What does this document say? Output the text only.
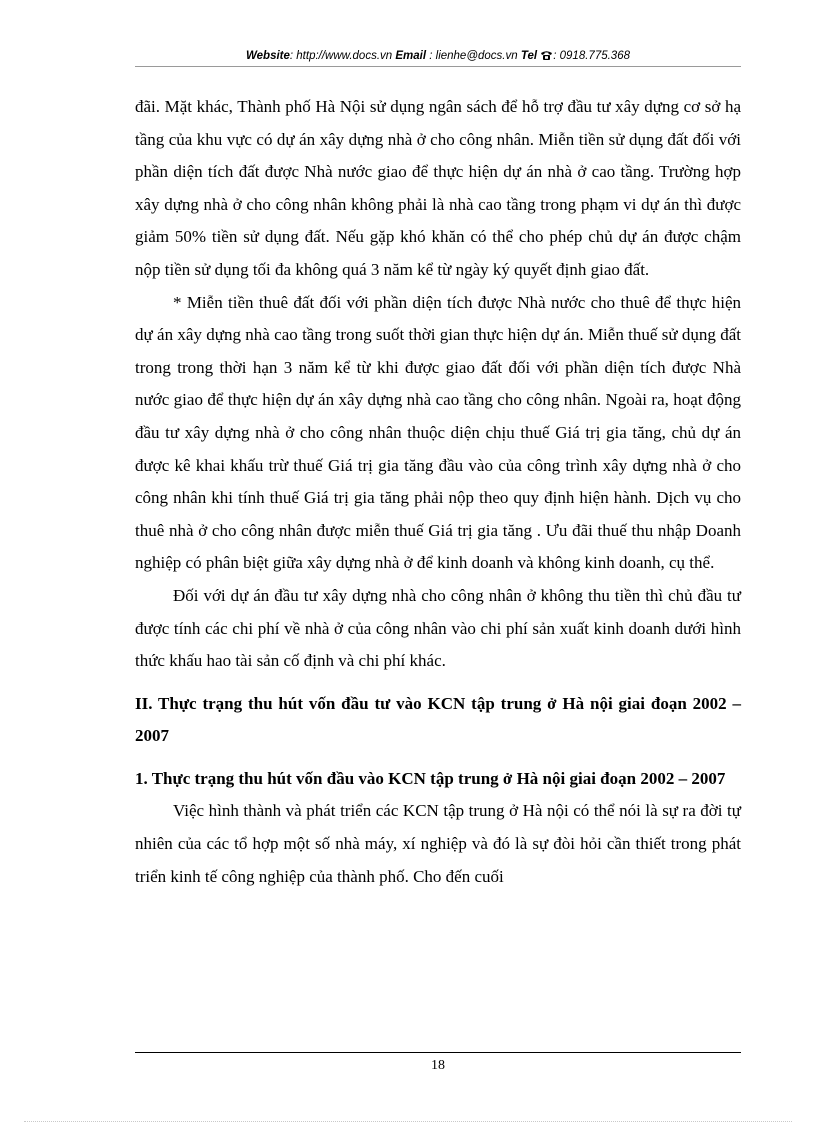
Website: http://www.docs.vn Email : lienhe@docs.vn Tel : 0918.775.368

đãi. Mặt khác, Thành phố Hà Nội sử dụng ngân sách để hỗ trợ đầu tư xây dựng cơ sở hạ tầng của khu vực có dự án xây dựng nhà ở cho công nhân. Miễn tiền sử dụng đất đối với phần diện tích đất được Nhà nước giao để thực hiện dự án nhà ở cao tầng. Trường hợp xây dựng nhà ở cho công nhân không phải là nhà cao tầng trong phạm vi dự án thì được giảm 50% tiền sử dụng đất. Nếu gặp khó khăn có thể cho phép chủ dự án được chậm nộp tiền sử dụng tối đa không quá 3 năm kể từ ngày ký quyết định giao đất.

* Miễn tiền thuê đất đối với phần diện tích được Nhà nước cho thuê để thực hiện dự án xây dựng nhà cao tầng trong suốt thời gian thực hiện dự án. Miễn thuế sử dụng đất trong trong thời hạn 3 năm kể từ khi được giao đất đối với phần diện tích được Nhà nước giao để thực hiện dự án xây dựng nhà cao tầng cho công nhân. Ngoài ra, hoạt động đầu tư xây dựng nhà ở cho công nhân thuộc diện chịu thuế Giá trị gia tăng, chủ dự án được kê khai khấu trừ thuế Giá trị gia tăng đầu vào của công trình xây dựng nhà ở cho công nhân khi tính thuế Giá trị gia tăng phải nộp theo quy định hiện hành. Dịch vụ cho thuê nhà ở cho công nhân được miễn thuế Giá trị gia tăng . Ưu đãi thuế thu nhập Doanh nghiệp có phân biệt giữa xây dựng nhà ở để kinh doanh và không kinh doanh, cụ thể.

Đối với dự án đầu tư xây dựng nhà cho công nhân ở không thu tiền thì chủ đầu tư được tính các chi phí về nhà ở của công nhân vào chi phí sản xuất kinh doanh dưới hình thức khấu hao tài sản cố định và chi phí khác.

II. Thực trạng thu hút vốn đầu tư vào KCN tập trung ở Hà nội giai đoạn 2002 – 2007

1. Thực trạng thu hút vốn đầu vào KCN tập trung ở Hà nội giai đoạn 2002 – 2007

Việc hình thành và phát triển các KCN tập trung ở Hà nội có thể nói là sự ra đời tự nhiên của các tổ hợp một số nhà máy, xí nghiệp và đó là sự đòi hỏi cần thiết trong phát triển kinh tế công nghiệp của thành phố. Cho đến cuối

18
